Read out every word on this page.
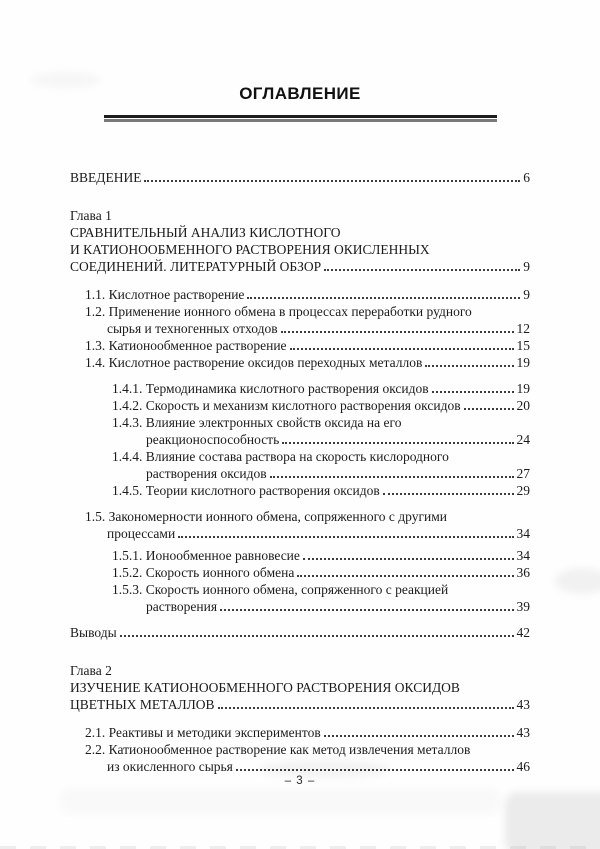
ОГЛАВЛЕНИЕ
ВВЕДЕНИЕ	6
Глава 1
СРАВНИТЕЛЬНЫЙ АНАЛИЗ КИСЛОТНОГО
И КАТИОНООБМЕННОГО РАСТВОРЕНИЯ ОКИСЛЕННЫХ
СОЕДИНЕНИЙ. ЛИТЕРАТУРНЫЙ ОБЗОР	9
1.1. Кислотное растворение	9
1.2. Применение ионного обмена в процессах переработки рудного
сырья и техногенных отходов	12
1.3. Катионообменное растворение	15
1.4. Кислотное растворение оксидов переходных металлов	19
1.4.1. Термодинамика кислотного растворения оксидов	19
1.4.2. Скорость и механизм кислотного растворения оксидов	20
1.4.3. Влияние электронных свойств оксида на его
реакционоспособность	24
1.4.4. Влияние состава раствора на скорость кислородного
растворения оксидов	27
1.4.5. Теории кислотного растворения оксидов	29
1.5. Закономерности ионного обмена, сопряженного с другими
процессами	34
1.5.1. Ионообменное равновесие	34
1.5.2. Скорость ионного обмена	36
1.5.3. Скорость ионного обмена, сопряженного с реакцией
растворения	39
Выводы	42
Глава 2
ИЗУЧЕНИЕ КАТИОНООБМЕННОГО РАСТВОРЕНИЯ ОКСИДОВ
ЦВЕТНЫХ МЕТАЛЛОВ	43
2.1. Реактивы и методики экспериментов	43
2.2. Катионообменное растворение как метод извлечения металлов
из окисленного сырья	46
– 3 –
